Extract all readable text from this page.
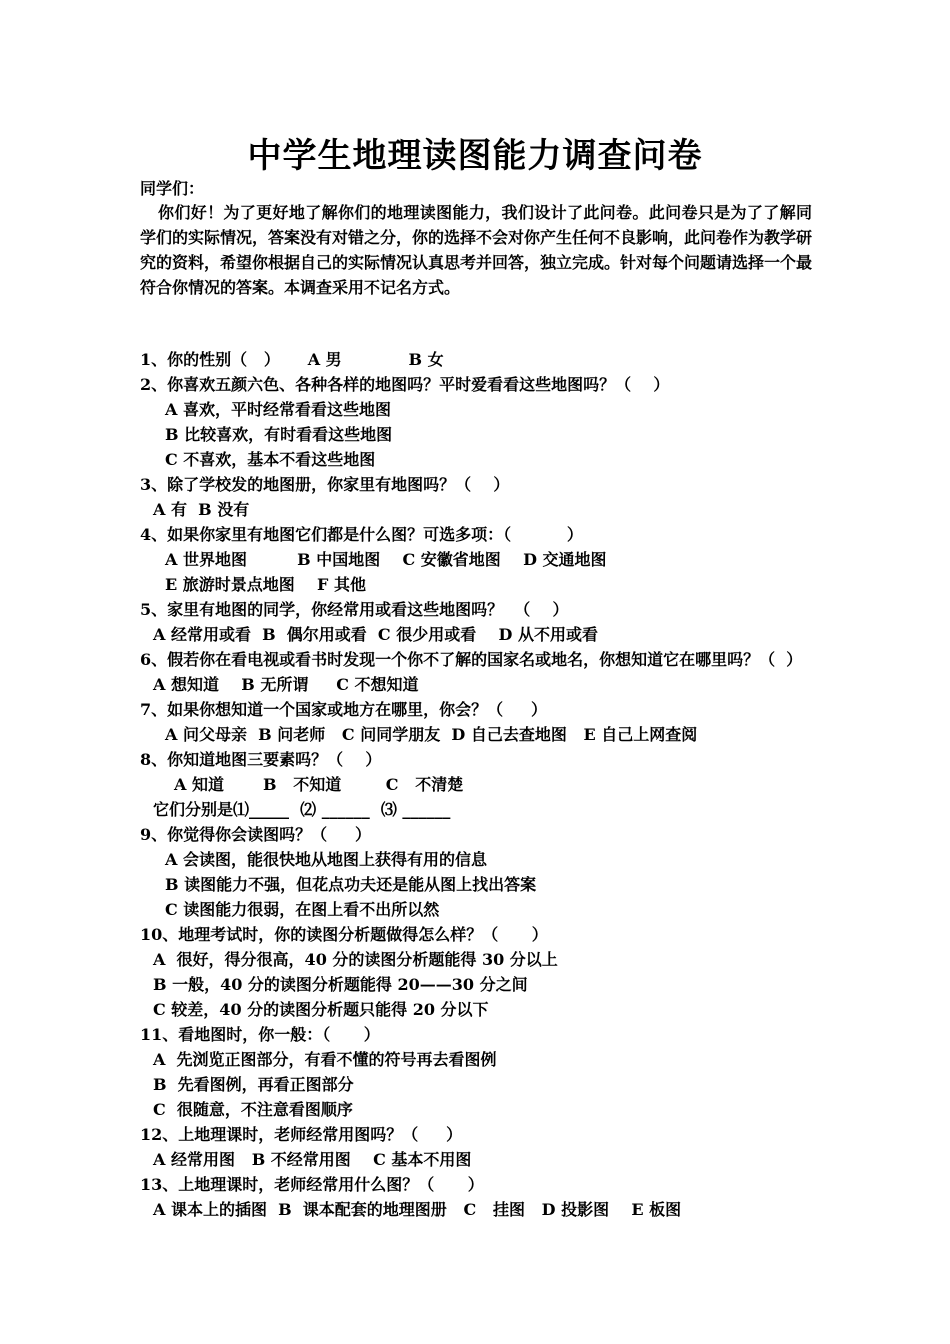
中学生地理读图能力调查问卷
同学们：
你们好！为了更好地了解你们的地理读图能力，我们设计了此问卷。此问卷只是为了了解同学们的实际情况，答案没有对错之分，你的选择不会对你产生任何不良影响，此问卷作为教学研究的资料，希望你根据自己的实际情况认真思考并回答，独立完成。针对每个问题请选择一个最符合你情况的答案。本调查采用不记名方式。
1、你的性别（   ）     A 男            B 女
2、你喜欢五颜六色、各种各样的地图吗？平时爱看看这些地图吗？（    ）
A 喜欢，平时经常看看这些地图
B 比较喜欢，有时看看这些地图
C 不喜欢，基本不看这些地图
3、除了学校发的地图册，你家里有地图吗？（    ）
A 有  B 没有
4、如果你家里有地图它们都是什么图？可选多项：（          ）
A 世界地图         B 中国地图    C 安徽省地图    D 交通地图
E 旅游时景点地图    F 其他
5、家里有地图的同学，你经常用或看这些地图吗？  （    ）
A 经常用或看  B  偶尔用或看  C 很少用或看    D 从不用或看
6、假若你在看电视或看书时发现一个你不了解的国家名或地名，你想知道它在哪里吗？（  ）
A 想知道    B 无所谓     C 不想知道
7、如果你想知道一个国家或地方在哪里，你会？（     ）
A 问父母亲  B 问老师   C 问同学朋友  D 自己去查地图   E 自己上网查阅
8、你知道地图三要素吗？（    ）
A 知道       B   不知道        C   不清楚
它们分别是⑴_____  ⑵ ______  ⑶ ______
9、你觉得你会读图吗？（     ）
A 会读图，能很快地从地图上获得有用的信息
B 读图能力不强，但花点功夫还是能从图上找出答案
C 读图能力很弱，在图上看不出所以然
10、地理考试时，你的读图分析题做得怎么样？（      ）
A  很好，得分很高，40 分的读图分析题能得 30 分以上
B 一般，40 分的读图分析题能得 20——30 分之间
C 较差，40 分的读图分析题只能得 20 分以下
11、看地图时，你一般：（      ）
A  先浏览正图部分，有看不懂的符号再去看图例
B  先看图例，再看正图部分
C  很随意，不注意看图顺序
12、上地理课时，老师经常用图吗？（     ）
A 经常用图   B 不经常用图    C 基本不用图
13、上地理课时，老师经常用什么图？（      ）
A 课本上的插图  B  课本配套的地理图册   C   挂图   D 投影图    E 板图
